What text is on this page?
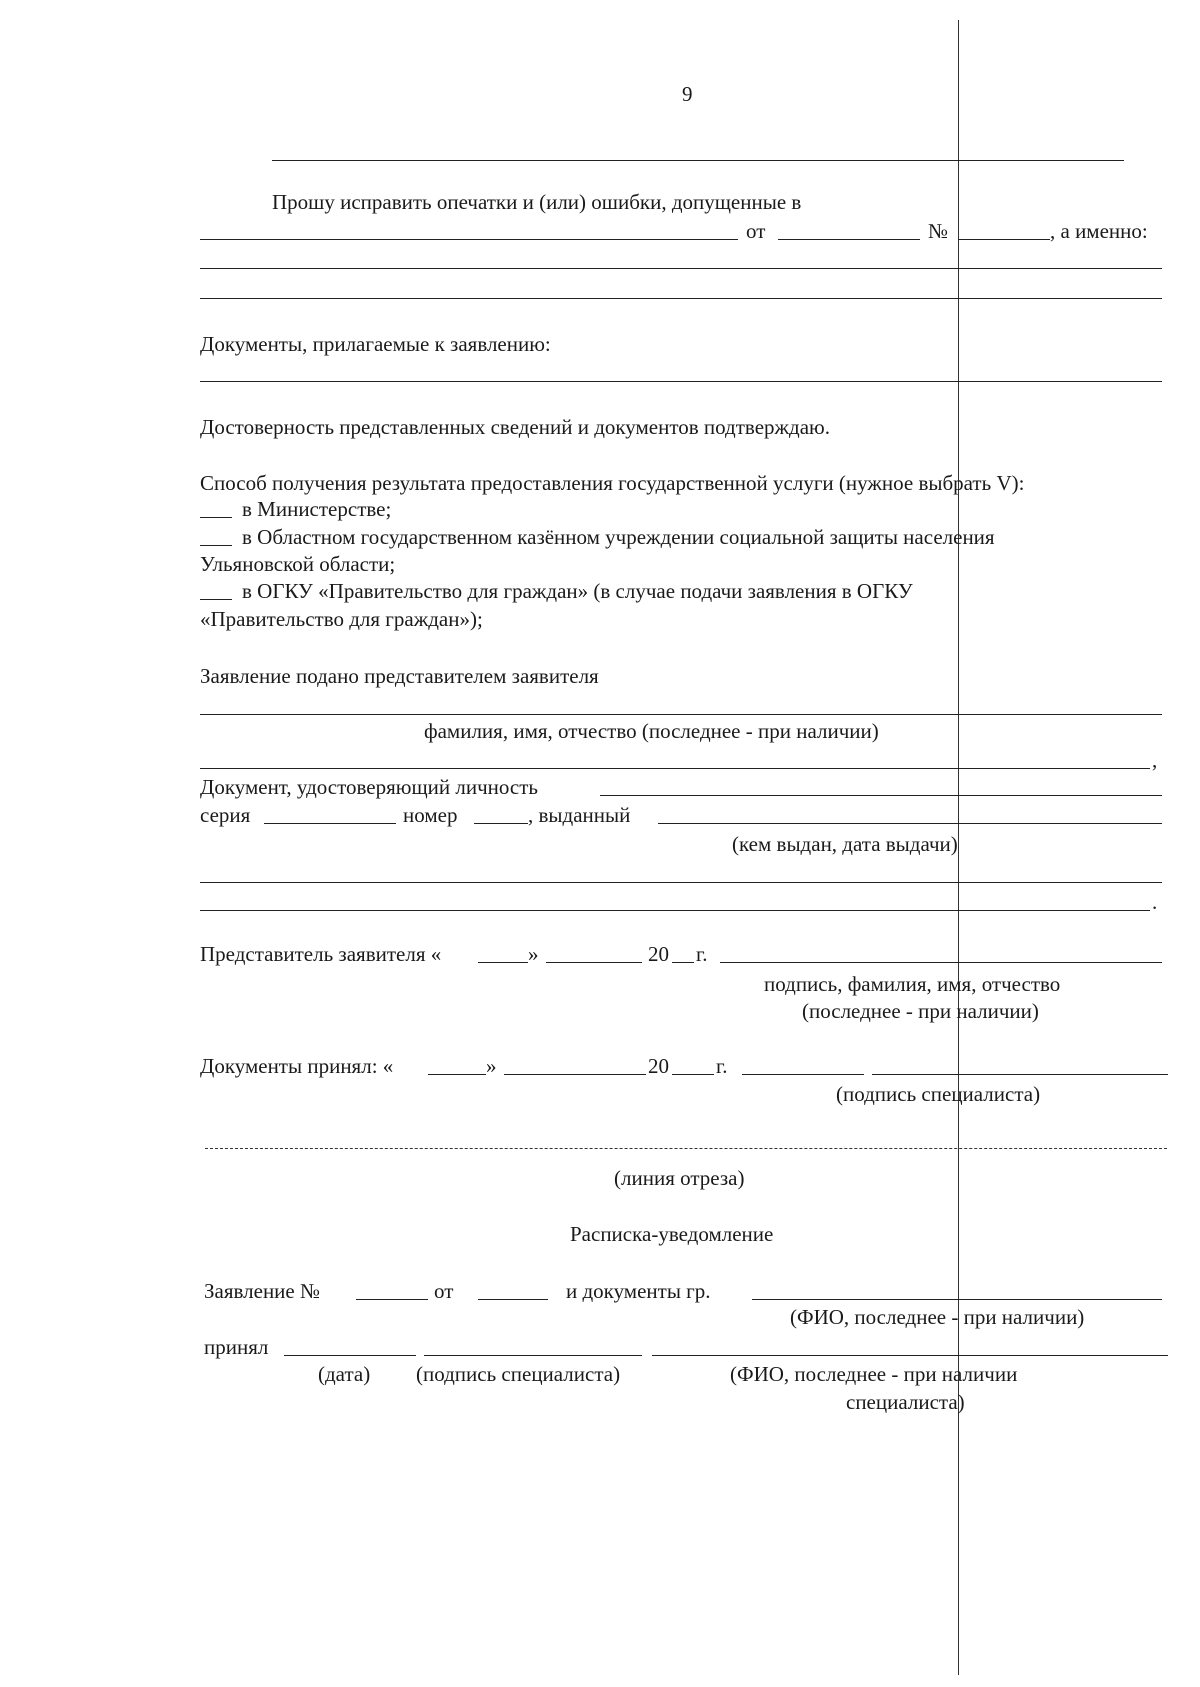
9
Прошу исправить опечатки и (или) ошибки, допущенные в
от	№	, а именно:
Документы, прилагаемые к заявлению:
Достоверность представленных сведений и документов подтверждаю.
Способ получения результата предоставления государственной услуги (нужное выбрать V):
в Министерстве;
в Областном государственном казённом учреждении социальной защиты населения
Ульяновской области;
в ОГКУ «Правительство для граждан» (в случае подачи заявления в ОГКУ
«Правительство для граждан»);
Заявление подано представителем заявителя
фамилия, имя, отчество (последнее - при наличии)
,
Документ, удостоверяющий личность
серия	номер	, выданный
(кем выдан, дата выдачи)
.
Представитель заявителя «	»	20 г.
подпись, фамилия, имя, отчество
(последнее - при наличии)
Документы принял: «	»	20 г.
(подпись специалиста)
(линия отреза)
Расписка-уведомление
Заявление №	от	и документы гр.
(ФИО, последнее - при наличии)
принял
(дата) (подпись специалиста)	(ФИО, последнее - при наличии
специалиста)
